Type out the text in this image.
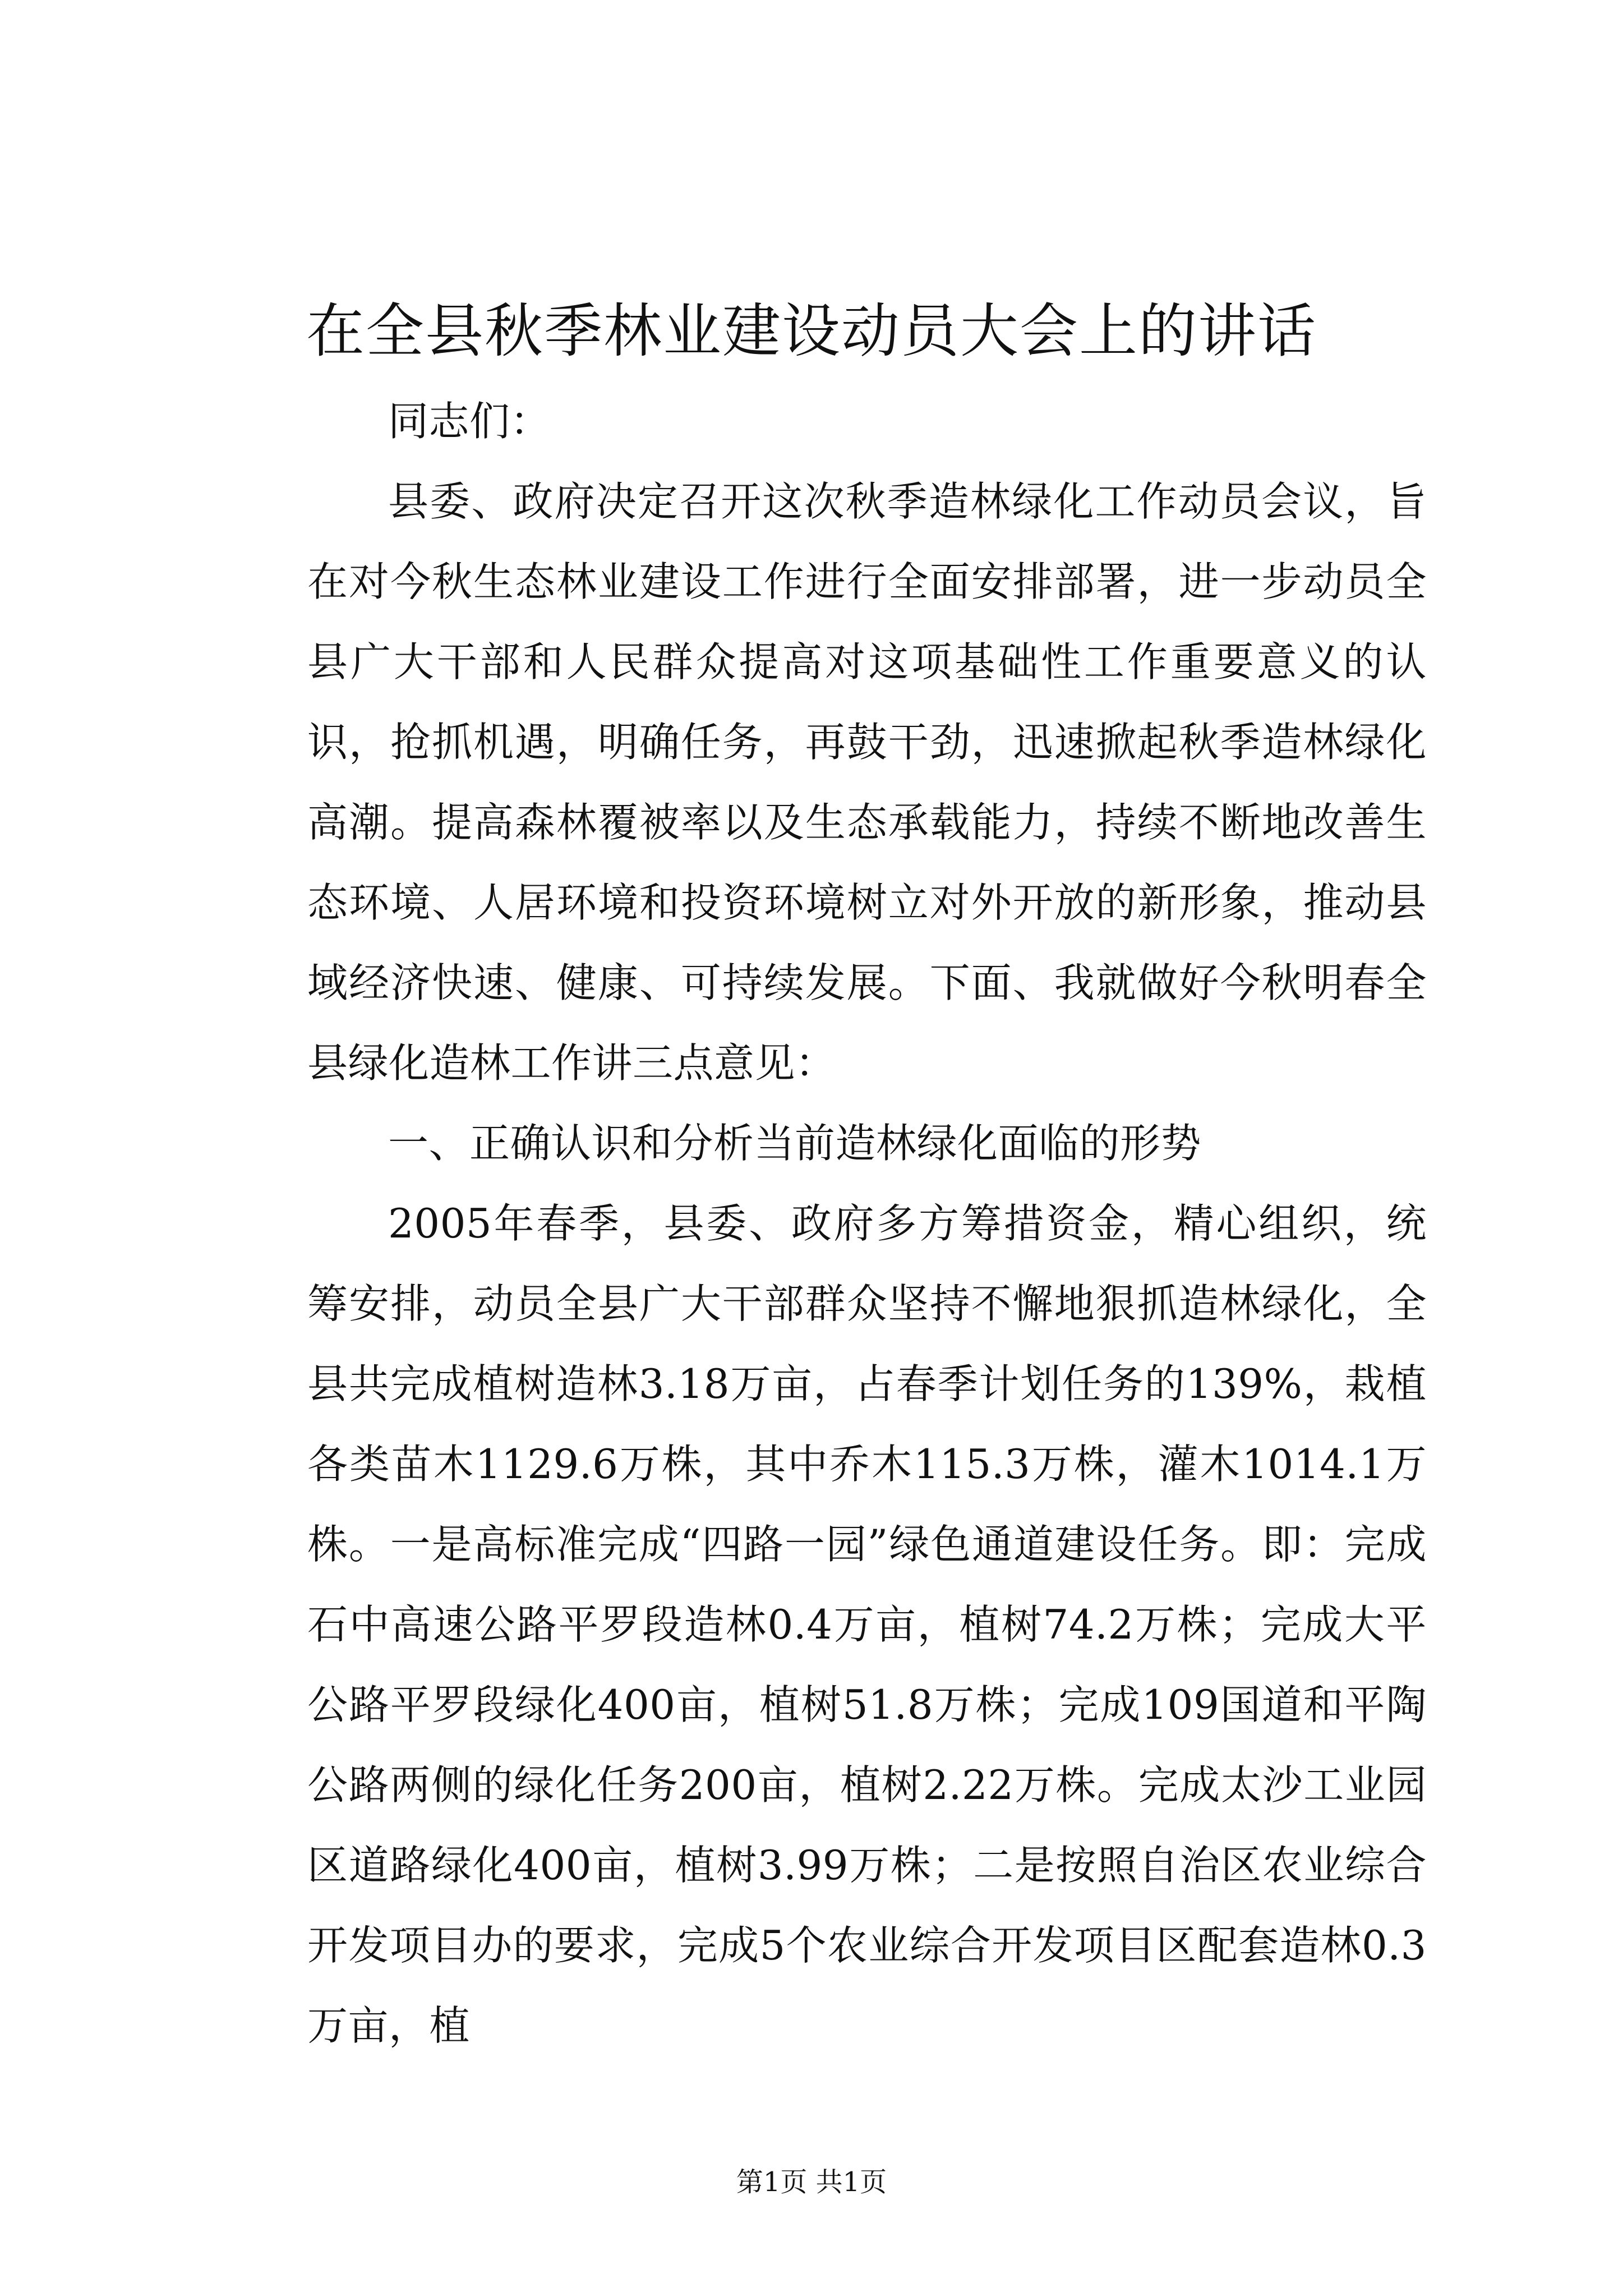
在全县秋季林业建设动员大会上的讲话

同志们：

县委、政府决定召开这次秋季造林绿化工作动员会议，旨在对今秋生态林业建设工作进行全面安排部署，进一步动员全县广大干部和人民群众提高对这项基础性工作重要意义的认识，抢抓机遇，明确任务，再鼓干劲，迅速掀起秋季造林绿化高潮。提高森林覆被率以及生态承载能力，持续不断地改善生态环境、人居环境和投资环境树立对外开放的新形象，推动县域经济快速、健康、可持续发展。下面、我就做好今秋明春全县绿化造林工作讲三点意见：

一、正确认识和分析当前造林绿化面临的形势

2005年春季，县委、政府多方筹措资金，精心组织，统筹安排，动员全县广大干部群众坚持不懈地狠抓造林绿化，全县共完成植树造林3.18万亩，占春季计划任务的139%，栽植各类苗木1129.6万株，其中乔木115.3万株，灌木1014.1万株。一是高标准完成“四路一园”绿色通道建设任务。即：完成石中高速公路平罗段造林0.4万亩，植树74.2万株；完成大平公路平罗段绿化400亩，植树51.8万株；完成109国道和平陶公路两侧的绿化任务200亩，植树2.22万株。完成太沙工业园区道路绿化400亩，植树3.99万株；二是按照自治区农业综合开发项目办的要求，完成5个农业综合开发项目区配套造林0.3万亩，植

第1页 共1页
